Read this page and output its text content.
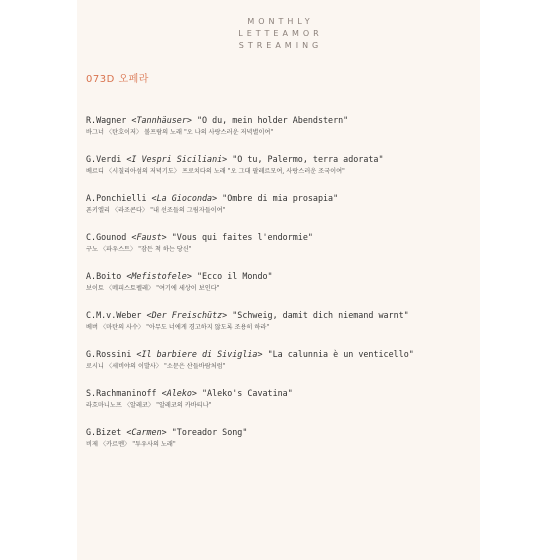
MONTHLY
LETTEAMOR
STREAMING
073D 오페라
R.Wagner <Tannhäuser> "O du, mein holder Abendstern"
바그너 〈탄호이저〉 볼프람의 노래 "오 나의 사랑스러운 저녁별이여"
G.Verdi <I Vespri Siciliani> "O tu, Palermo, terra adorata"
베르디 〈시칠리아섬의 저녁기도〉 프로치다의 노래 "오 그대 팔레르모여, 사랑스러운 조국이여"
A.Ponchielli <La Gioconda> "Ombre di mia prosapia"
폰키엘리 〈라조콘다〉 "내 선조들의 그림자들이여"
C.Gounod <Faust> "Vous qui faites l'endormie"
구노 〈파우스트〉 "잠든 척 하는 당신"
A.Boito <Mefistofele> "Ecco il Mondo"
보이토 〈메피스토펠레〉 "여기에 세상이 보인다"
C.M.v.Weber <Der Freischütz> "Schweig, damit dich niemand warnt"
베버 〈마탄의 사수〉 "아무도 너에게 경고하지 않도록 조용히 하라"
G.Rossini <Il barbiere di Siviglia> "La calunnia è un venticello"
로시니 〈세비야의 이발사〉 "소문은 산들바람처럼"
S.Rachmaninoff <Aleko> "Aleko's Cavatina"
라흐마니노프 〈알레코〉 "알레코의 카바티나"
G.Bizet <Carmen> "Toreador Song"
비제 〈카르멘〉 "투우사의 노래"
